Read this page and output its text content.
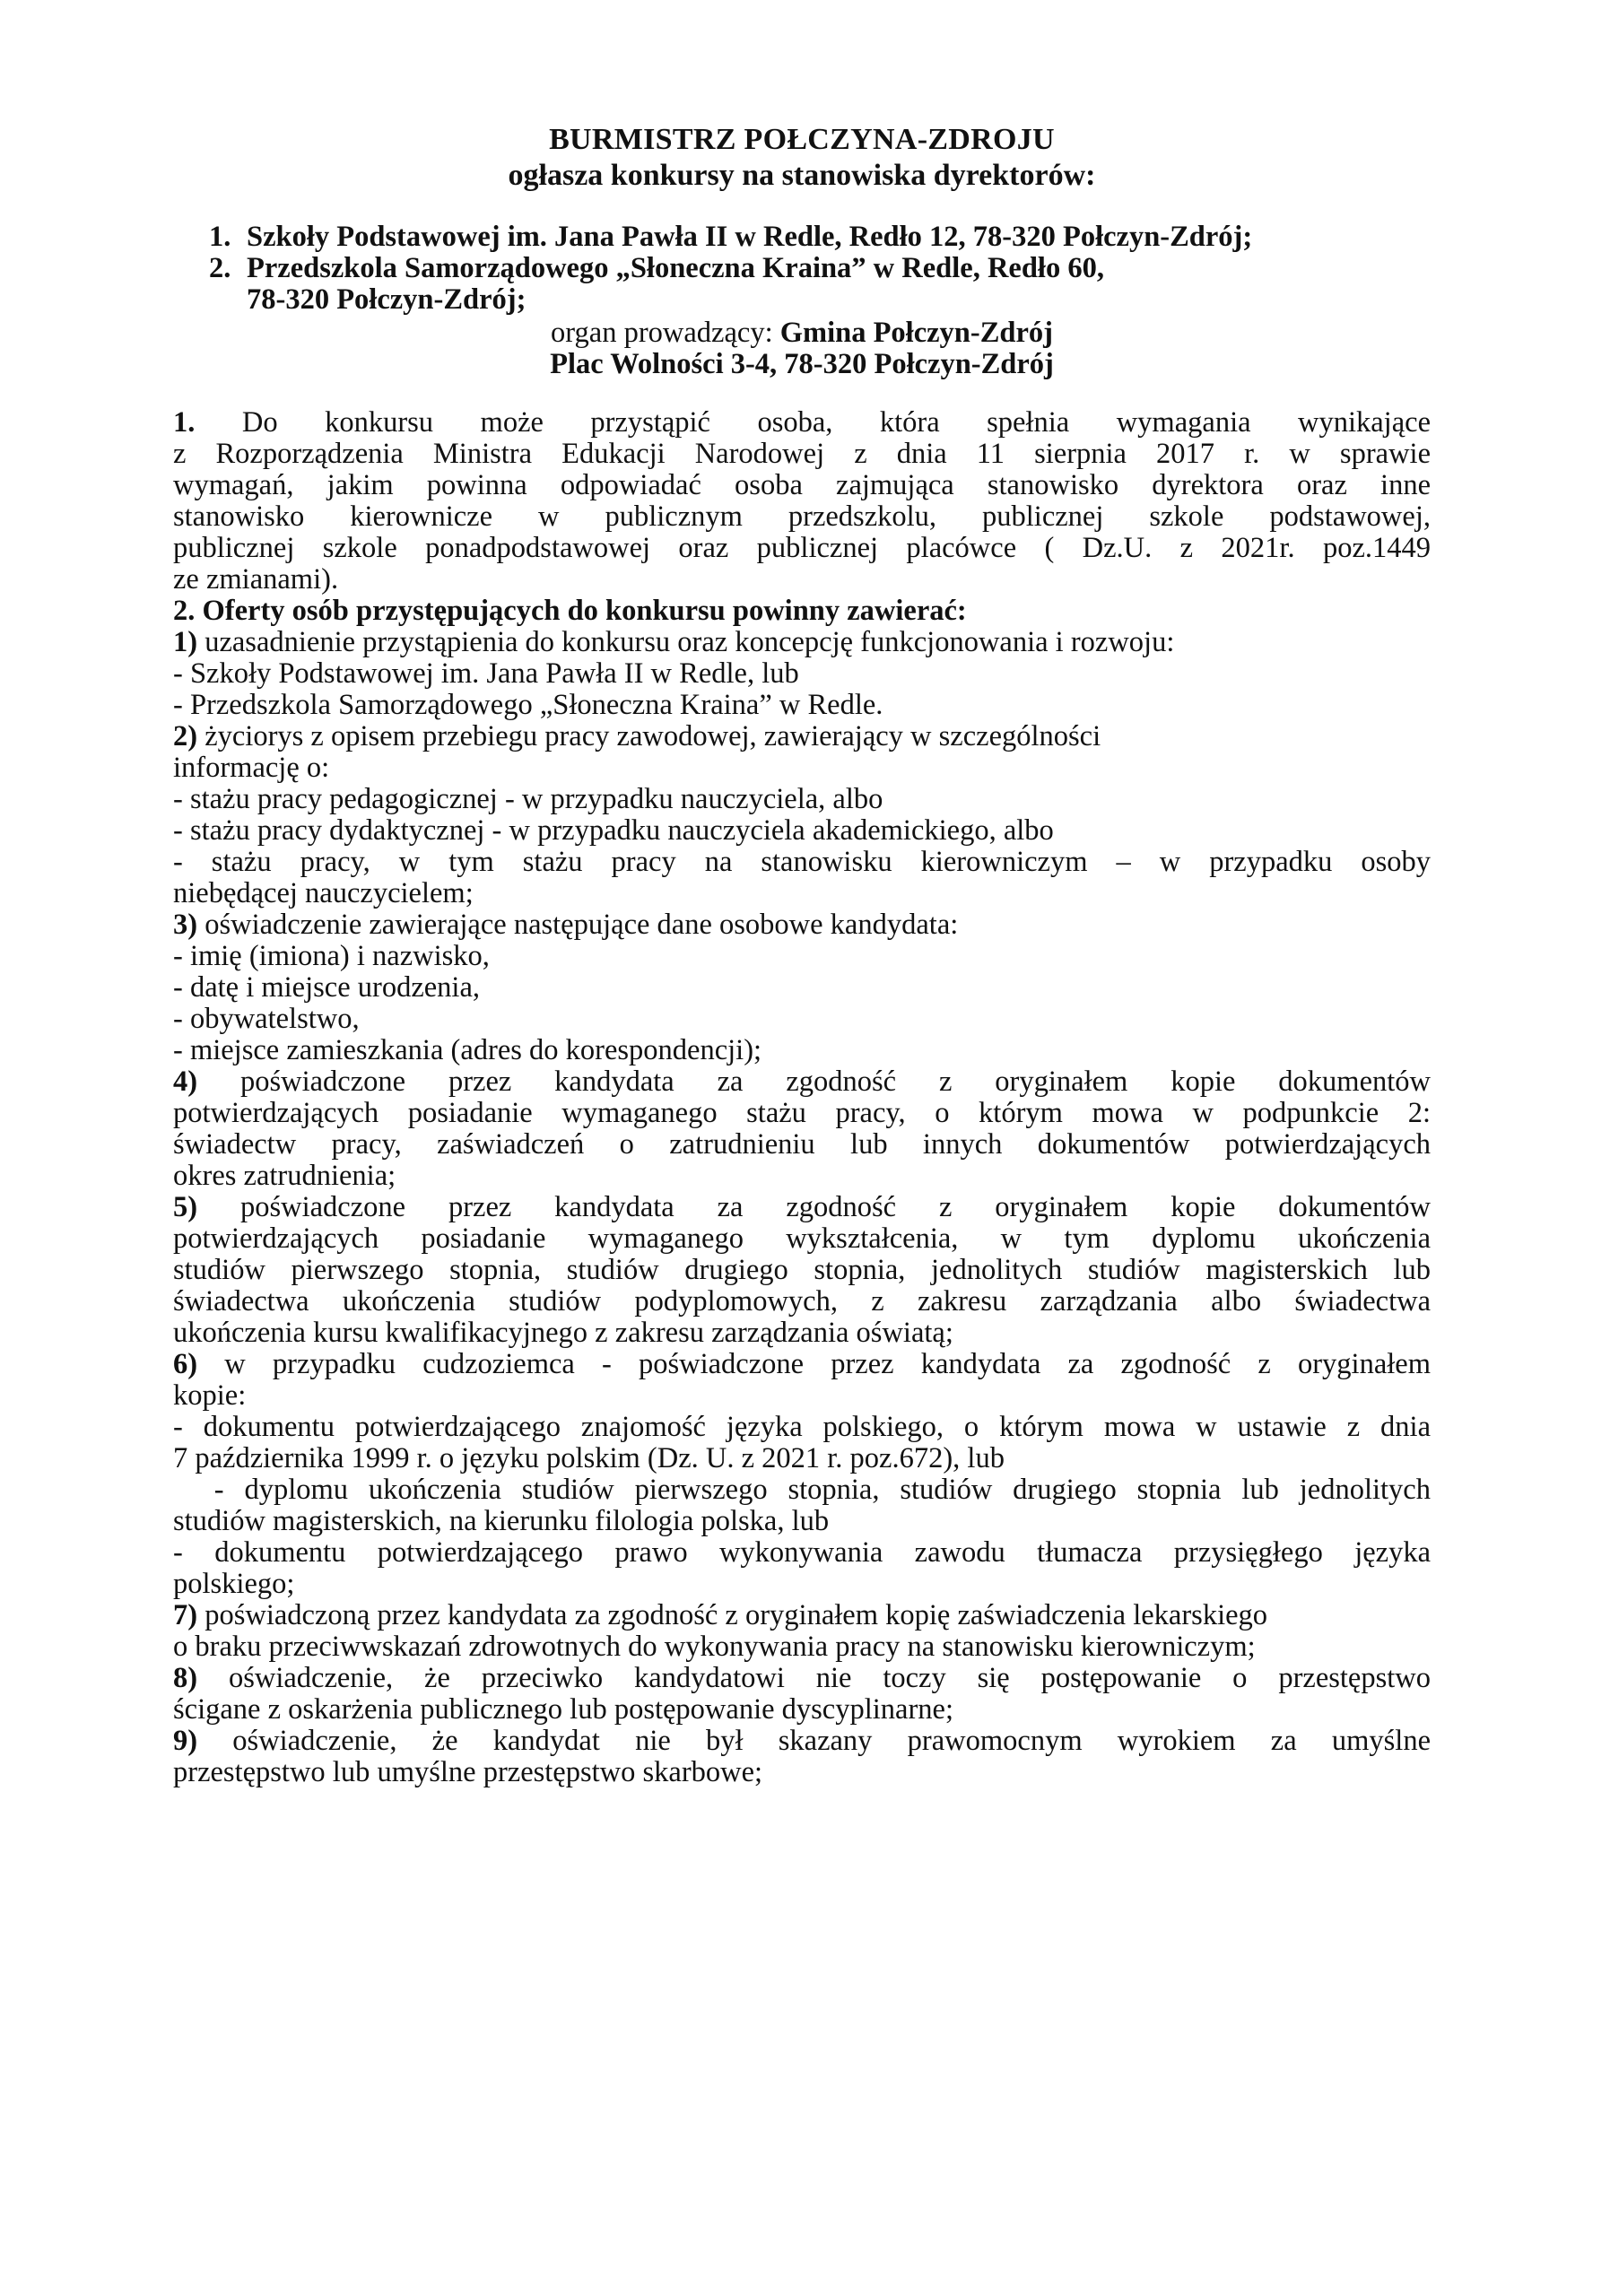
BURMISTRZ POŁCZYNA-ZDROJU
ogłasza konkursy na stanowiska dyrektorów:
1. Szkoły Podstawowej im. Jana Pawła II w Redle, Redło 12, 78-320 Połczyn-Zdrój;
2. Przedszkola Samorządowego „Słoneczna Kraina” w Redle, Redło 60,
78-320 Połczyn-Zdrój;
organ prowadzący: Gmina Połczyn-Zdrój
Plac Wolności 3-4, 78-320 Połczyn-Zdrój

1. Do konkursu może przystąpić osoba, która spełnia wymagania wynikające

z Rozporządzenia Ministra Edukacji Narodowej z dnia 11 sierpnia 2017 r. w sprawie

wymagań, jakim powinna odpowiadać osoba zajmująca stanowisko dyrektora oraz inne

stanowisko kierownicze w publicznym przedszkolu, publicznej szkole podstawowej,

publicznej szkole ponadpodstawowej oraz publicznej placówce ( Dz.U. z 2021r. poz.1449

ze zmianami).

2. Oferty osób przystępujących do konkursu powinny zawierać:

1) uzasadnienie przystąpienia do konkursu oraz koncepcję funkcjonowania i rozwoju:

- Szkoły Podstawowej im. Jana Pawła II w Redle, lub

- Przedszkola Samorządowego „Słoneczna Kraina” w Redle.

2) życiorys z opisem przebiegu pracy zawodowej, zawierający w szczególności

informację o:

- stażu pracy pedagogicznej - w przypadku nauczyciela, albo

- stażu pracy dydaktycznej - w przypadku nauczyciela akademickiego, albo

- stażu pracy, w tym stażu pracy na stanowisku kierowniczym – w przypadku osoby

niebędącej nauczycielem;

3) oświadczenie zawierające następujące dane osobowe kandydata:

- imię (imiona) i nazwisko,

- datę i miejsce urodzenia,

- obywatelstwo,

- miejsce zamieszkania (adres do korespondencji);

4) poświadczone przez kandydata za zgodność z oryginałem kopie dokumentów

potwierdzających posiadanie wymaganego stażu pracy, o którym mowa w podpunkcie 2:

świadectw pracy, zaświadczeń o zatrudnieniu lub innych dokumentów potwierdzających

okres zatrudnienia;

5) poświadczone przez kandydata za zgodność z oryginałem kopie dokumentów

potwierdzających posiadanie wymaganego wykształcenia, w tym dyplomu ukończenia

studiów pierwszego stopnia, studiów drugiego stopnia, jednolitych studiów magisterskich lub

świadectwa ukończenia studiów podyplomowych, z zakresu zarządzania albo świadectwa

ukończenia kursu kwalifikacyjnego z zakresu zarządzania oświatą;

6) w przypadku cudzoziemca - poświadczone przez kandydata za zgodność z oryginałem

kopie:

- dokumentu potwierdzającego znajomość języka polskiego, o którym mowa w ustawie z dnia

7 października 1999 r. o języku polskim (Dz. U. z 2021 r. poz.672), lub

- dyplomu ukończenia studiów pierwszego stopnia, studiów drugiego stopnia lub jednolitych

studiów magisterskich, na kierunku filologia polska, lub

- dokumentu potwierdzającego prawo wykonywania zawodu tłumacza przysięgłego języka

polskiego;

7) poświadczoną przez kandydata za zgodność z oryginałem kopię zaświadczenia lekarskiego

o braku przeciwwskazań zdrowotnych do wykonywania pracy na stanowisku kierowniczym;

8) oświadczenie, że przeciwko kandydatowi nie toczy się postępowanie o przestępstwo

ścigane z oskarżenia publicznego lub postępowanie dyscyplinarne;

9) oświadczenie, że kandydat nie był skazany prawomocnym wyrokiem za umyślne

przestępstwo lub umyślne przestępstwo skarbowe;
